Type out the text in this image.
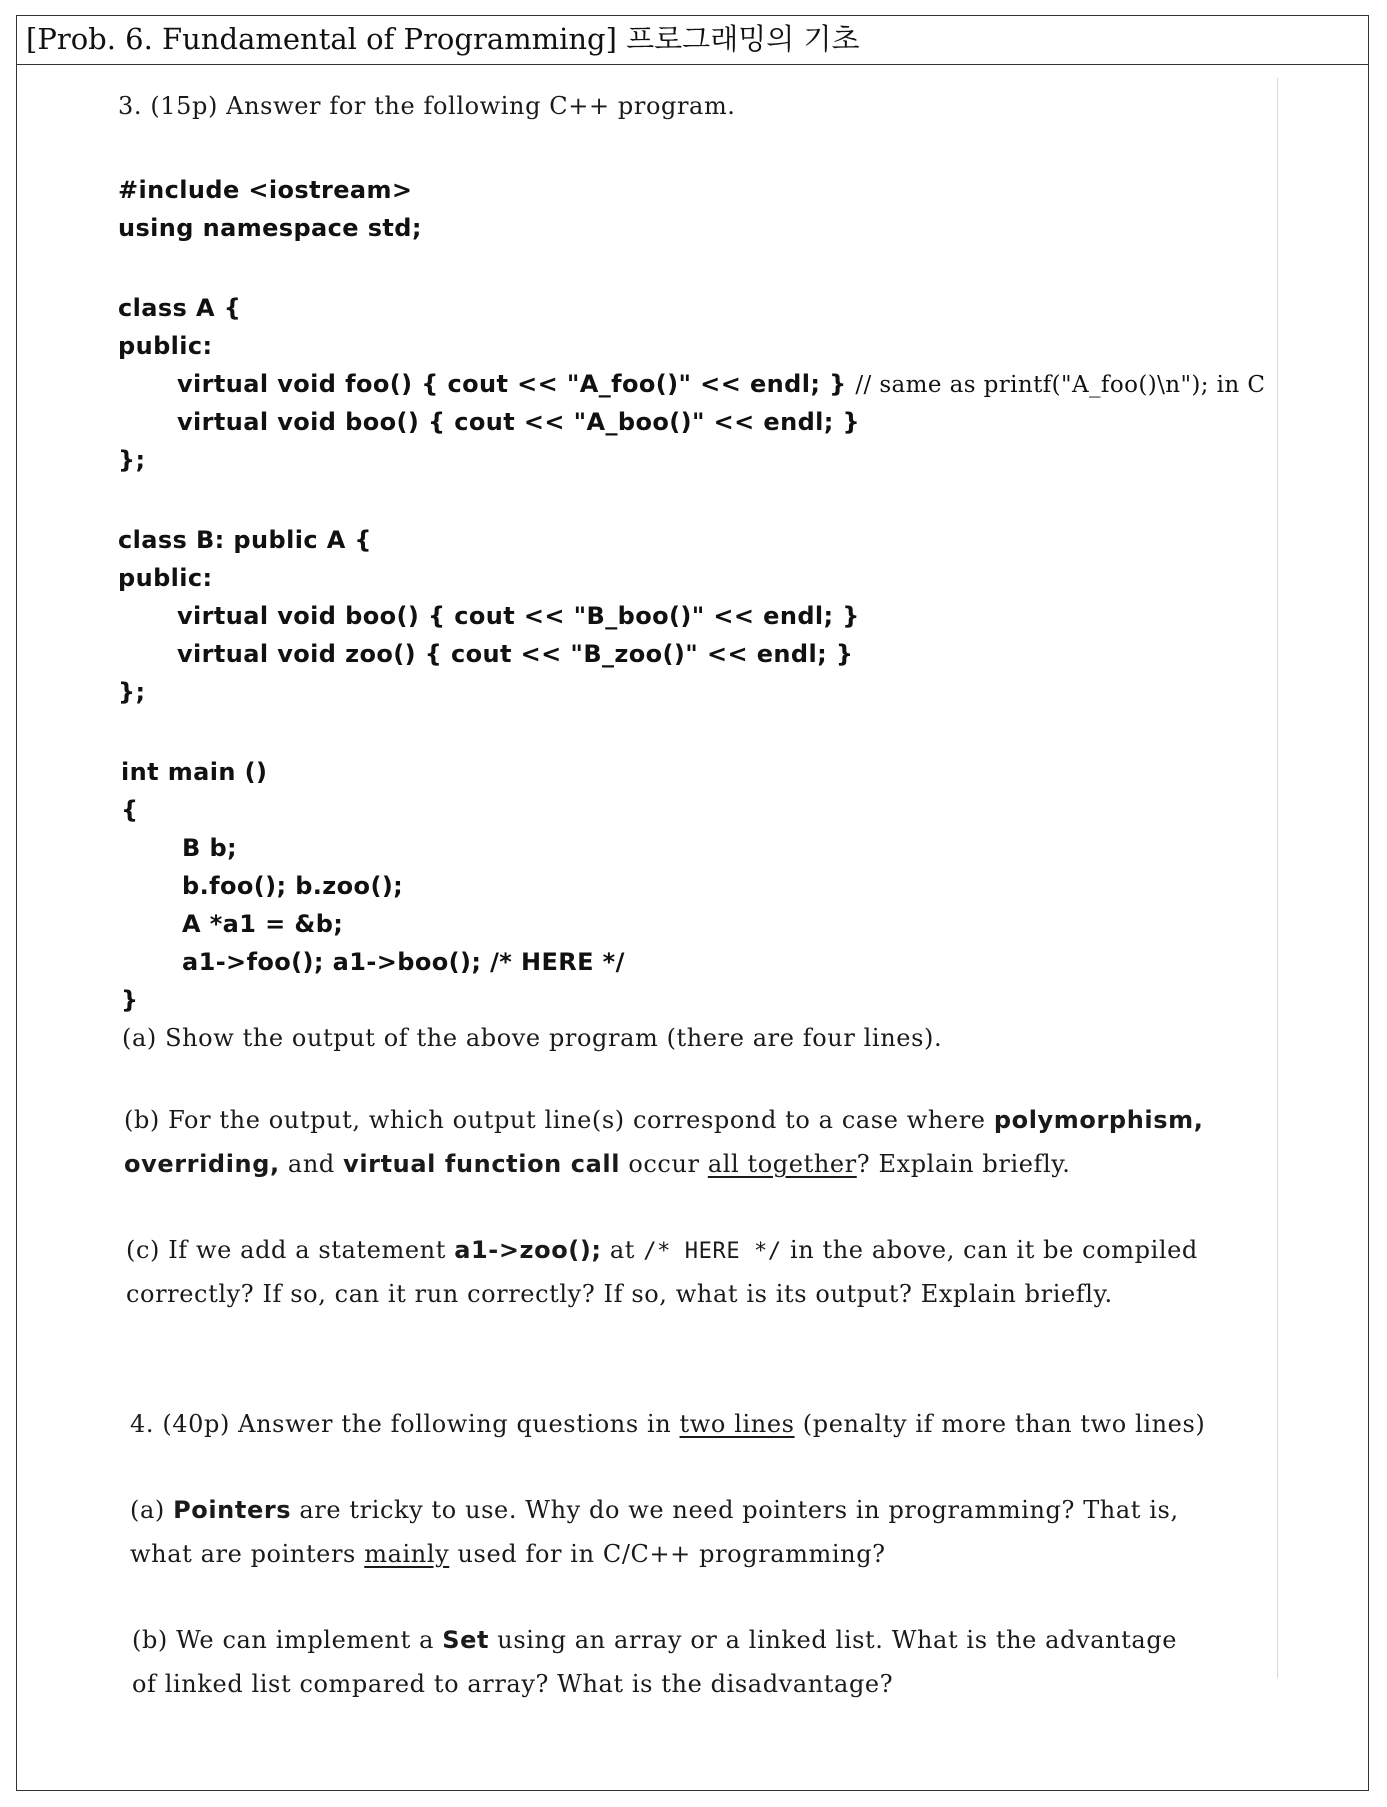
[Prob. 6. Fundamental of Programming] 프로그래밍의 기초
3. (15p) Answer for the following C++ program.
#include <iostream>
using namespace std;
class A {
public:
virtual void foo() { cout << "A_foo()" << endl; } // same as printf("A_foo()\n"); in C
virtual void boo() { cout << "A_boo()" << endl; }
};
class B: public A {
public:
virtual void boo() { cout << "B_boo()" << endl; }
virtual void zoo() { cout << "B_zoo()" << endl; }
};
int main ()
{
B b;
b.foo(); b.zoo();
A *a1 = &b;
a1->foo(); a1->boo(); /* HERE */
}
(a) Show the output of the above program (there are four lines).
(b) For the output, which output line(s) correspond to a case where polymorphism,
overriding, and virtual function call occur all together? Explain briefly.
(c) If we add a statement a1->zoo(); at /* HERE */ in the above, can it be compiled
correctly? If so, can it run correctly? If so, what is its output? Explain briefly.
4. (40p) Answer the following questions in two lines (penalty if more than two lines)
(a) Pointers are tricky to use. Why do we need pointers in programming? That is,
what are pointers mainly used for in C/C++ programming?
(b) We can implement a Set using an array or a linked list. What is the advantage
of linked list compared to array? What is the disadvantage?
